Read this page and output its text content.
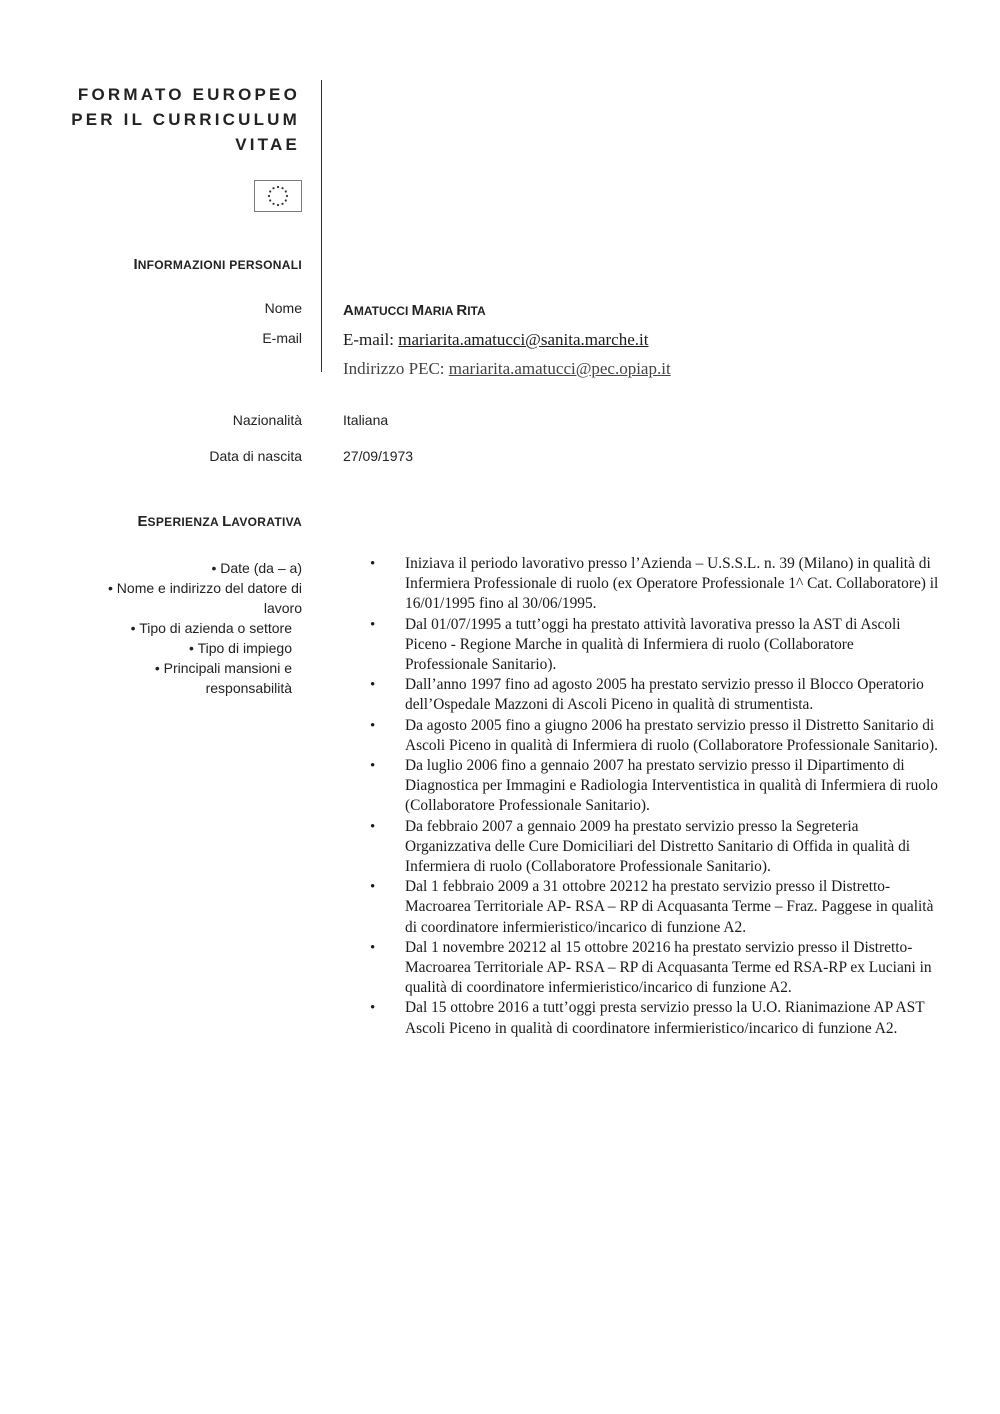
FORMATO EUROPEO
PER IL CURRICULUM
VITAE
INFORMAZIONI PERSONALI
Nome	AMATUCCI MARIA RITA
E-mail E-mail: mariarita.amatucci@sanita.marche.it
Indirizzo PEC: mariarita.amatucci@pec.opiap.it
Nazionalità	Italiana
Data di nascita	27/09/1973
ESPERIENZA LAVORATIVA

• Date (da – a)

• Nome e indirizzo del datore di

lavoro

• Tipo di azienda o settore

• Tipo di impiego

• Principali mansioni e

responsabilità

• Iniziava il periodo lavorativo presso l’Azienda – U.S.S.L. n. 39 (Milano) in qualità di Infermiera Professionale di ruolo (ex Operatore Professionale 1^ Cat. Collaboratore) il 16/01/1995 fino al 30/06/1995.
• Dal 01/07/1995 a tutt’oggi ha prestato attività lavorativa presso la AST di Ascoli Piceno - Regione Marche in qualità di Infermiera di ruolo (Collaboratore Professionale Sanitario).
• Dall’anno 1997 fino ad agosto 2005 ha prestato servizio presso il Blocco Operatorio dell’Ospedale Mazzoni di Ascoli Piceno in qualità di strumentista.
• Da agosto 2005 fino a giugno 2006 ha prestato servizio presso il Distretto Sanitario di Ascoli Piceno in qualità di Infermiera di ruolo (Collaboratore Professionale Sanitario).
• Da luglio 2006 fino a gennaio 2007 ha prestato servizio presso il Dipartimento di Diagnostica per Immagini e Radiologia Interventistica in qualità di Infermiera di ruolo (Collaboratore Professionale Sanitario).
• Da febbraio 2007 a gennaio 2009 ha prestato servizio presso la Segreteria Organizzativa delle Cure Domiciliari del Distretto Sanitario di Offida in qualità di Infermiera di ruolo (Collaboratore Professionale Sanitario).
• Dal 1 febbraio 2009 a 31 ottobre 20212 ha prestato servizio presso il Distretto-Macroarea Territoriale AP- RSA – RP di Acquasanta Terme – Fraz. Paggese in qualità di coordinatore infermieristico/incarico di funzione A2.
• Dal 1 novembre 20212 al 15 ottobre 20216 ha prestato servizio presso il Distretto-Macroarea Territoriale AP- RSA – RP di Acquasanta Terme ed RSA-RP ex Luciani in qualità di coordinatore infermieristico/incarico di funzione A2.
• Dal 15 ottobre 2016 a tutt’oggi presta servizio presso la U.O. Rianimazione AP AST Ascoli Piceno in qualità di coordinatore infermieristico/incarico di funzione A2.
